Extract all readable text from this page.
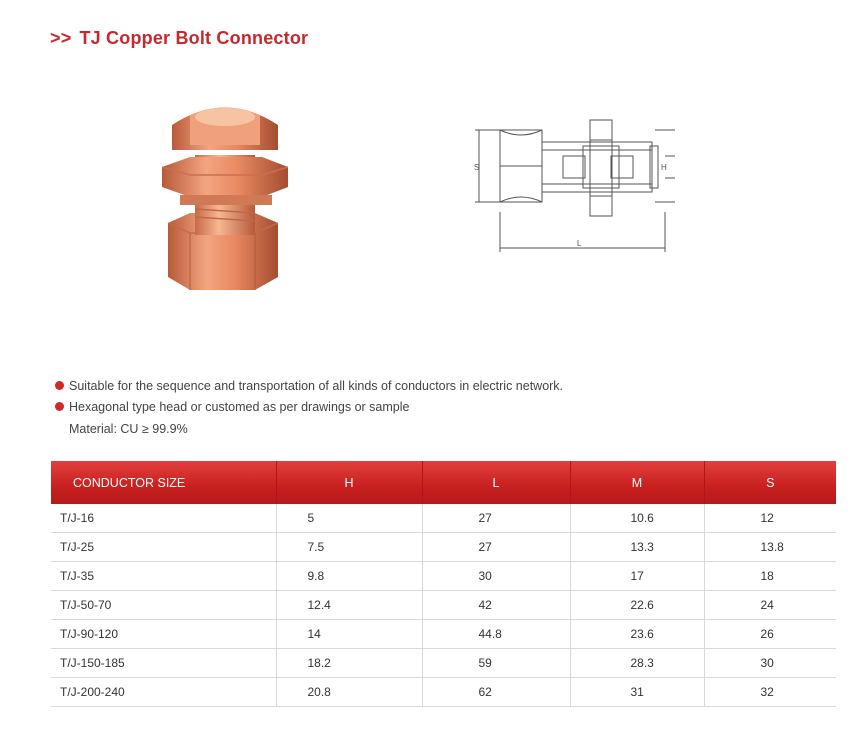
>> TJ Copper Bolt Connector
S
L
H
Suitable for the sequence and transportation of all kinds of conductors in electric network.
Hexagonal type head or customed as per drawings or sample
Material: CU ≥ 99.9%
CONDUCTOR SIZE	H	L	M	S
T/J-16	5	27	10.6	12
T/J-25	7.5	27	13.3	13.8
T/J-35	9.8	30	17	18
T/J-50-70	12.4	42	22.6	24
T/J-90-120	14	44.8	23.6	26
T/J-150-185	18.2	59	28.3	30
T/J-200-240	20.8	62	31	32
